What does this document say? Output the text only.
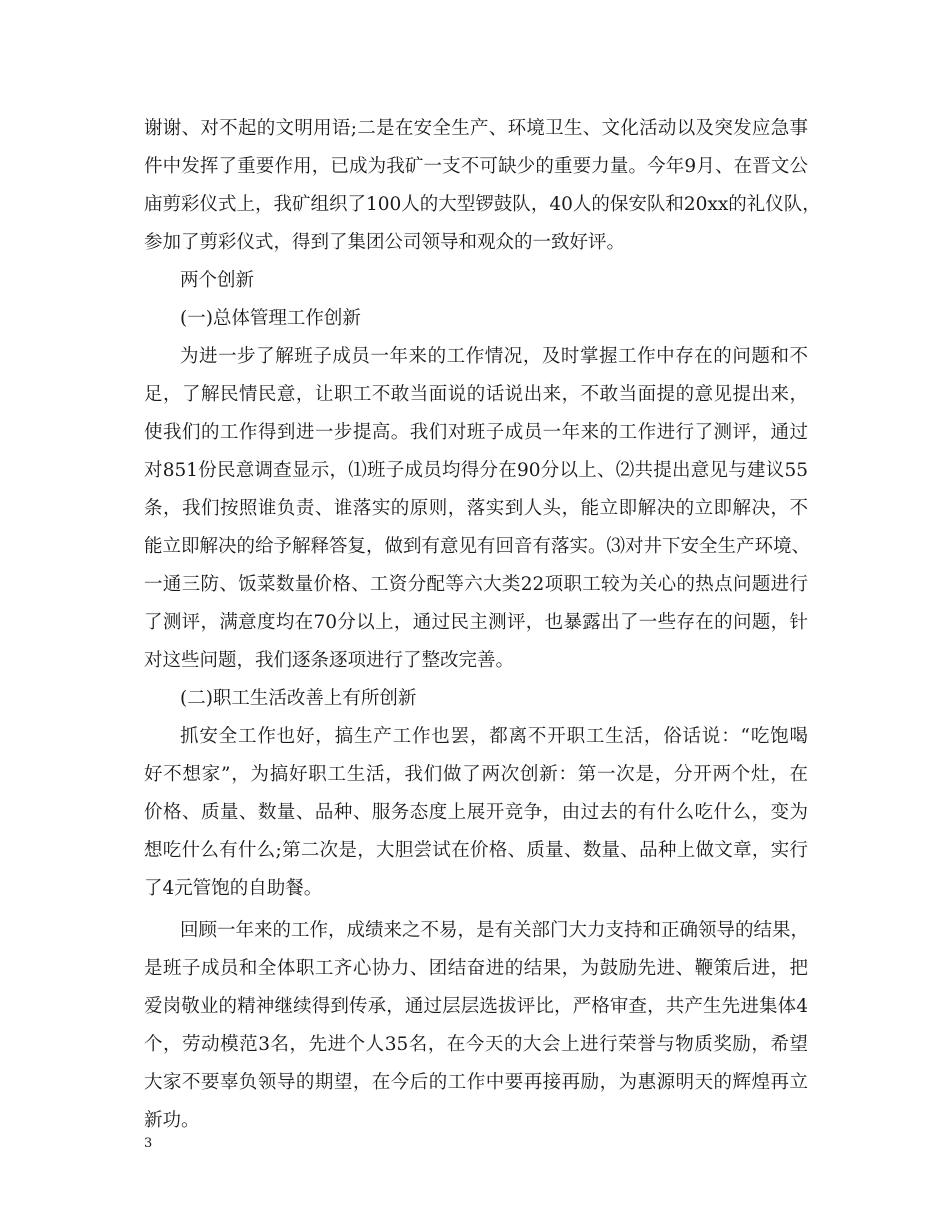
谢谢、对不起的文明用语;二是在安全生产、环境卫生、文化活动以及突发应急事
件中发挥了重要作用，已成为我矿一支不可缺少的重要力量。今年9月、在晋文公
庙剪彩仪式上，我矿组织了100人的大型锣鼓队，40人的保安队和20xx的礼仪队，
参加了剪彩仪式，得到了集团公司领导和观众的一致好评。
两个创新
(一)总体管理工作创新
为进一步了解班子成员一年来的工作情况，及时掌握工作中存在的问题和不
足，了解民情民意，让职工不敢当面说的话说出来，不敢当面提的意见提出来，
使我们的工作得到进一步提高。我们对班子成员一年来的工作进行了测评，通过
对851份民意调查显示，⑴班子成员均得分在90分以上、⑵共提出意见与建议55
条，我们按照谁负责、谁落实的原则，落实到人头，能立即解决的立即解决，不
能立即解决的给予解释答复，做到有意见有回音有落实。⑶对井下安全生产环境、
一通三防、饭菜数量价格、工资分配等六大类22项职工较为关心的热点问题进行
了测评，满意度均在70分以上，通过民主测评，也暴露出了一些存在的问题，针
对这些问题，我们逐条逐项进行了整改完善。
(二)职工生活改善上有所创新
抓安全工作也好，搞生产工作也罢，都离不开职工生活，俗话说：“吃饱喝
好不想家”，为搞好职工生活，我们做了两次创新：第一次是，分开两个灶，在
价格、质量、数量、品种、服务态度上展开竞争，由过去的有什么吃什么，变为
想吃什么有什么;第二次是，大胆尝试在价格、质量、数量、品种上做文章，实行
了4元管饱的自助餐。
回顾一年来的工作，成绩来之不易，是有关部门大力支持和正确领导的结果，
是班子成员和全体职工齐心协力、团结奋进的结果，为鼓励先进、鞭策后进，把
爱岗敬业的精神继续得到传承，通过层层选拔评比，严格审查，共产生先进集体4
个，劳动模范3名，先进个人35名，在今天的大会上进行荣誉与物质奖励，希望
大家不要辜负领导的期望，在今后的工作中要再接再励，为惠源明天的辉煌再立
新功。
3
